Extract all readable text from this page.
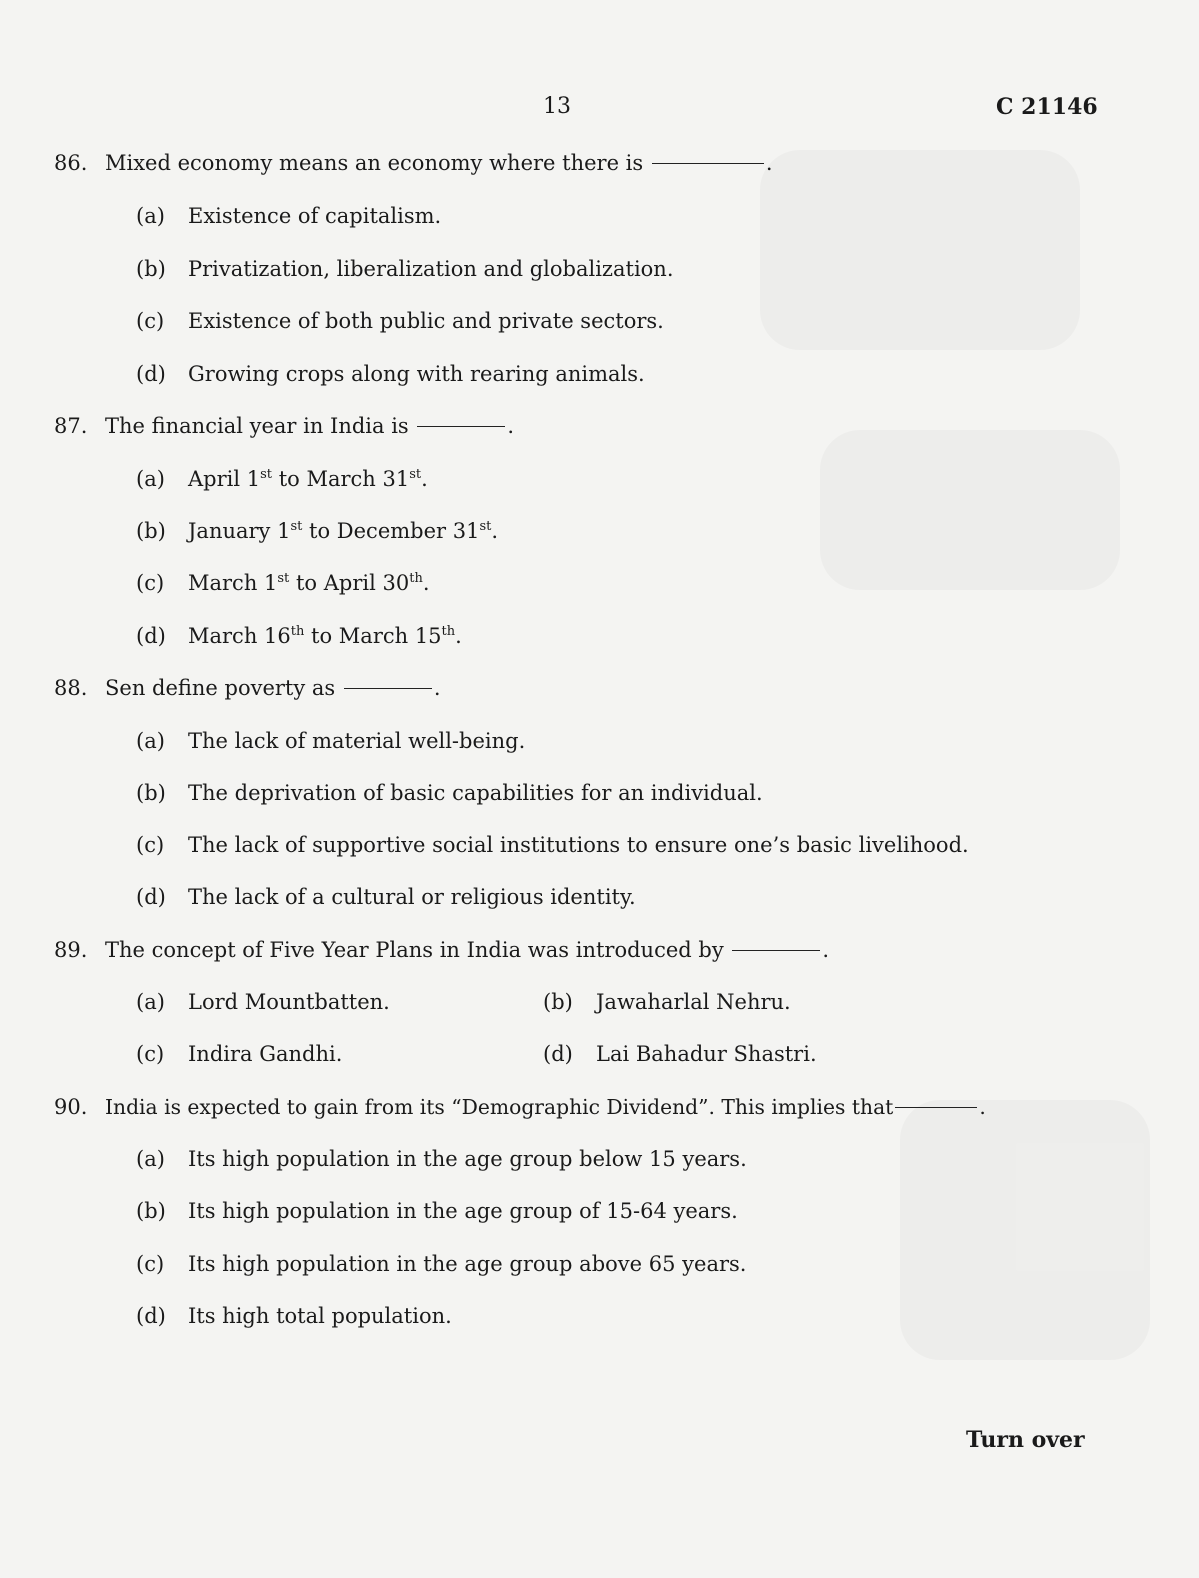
13	C 21146
86. Mixed economy means an economy where there is	.
(a) Existence of capitalism.
(b) Privatization, liberalization and globalization.
(c) Existence of both public and private sectors.
(d) Growing crops along with rearing animals.
87. The financial year in India is	.
(a) April 1st to March 31st.
(b) January 1st to December 31st.
(c) March 1st to April 30th.
(d) March 16th to March 15th.
88. Sen define poverty as	.
(a) The lack of material well-being.
(b) The deprivation of basic capabilities for an individual.
(c) The lack of supportive social institutions to ensure one’s basic livelihood.
(d) The lack of a cultural or religious identity.
89. The concept of Five Year Plans in India was introduced by	.
(a) Lord Mountbatten.	(b) Jawaharlal Nehru.
(c) Indira Gandhi.	(d) Lai Bahadur Shastri.
90. India is expected to gain from its “Demographic Dividend”. This implies that	.
(a) Its high population in the age group below 15 years.
(b) Its high population in the age group of 15-64 years.
(c) Its high population in the age group above 65 years.
(d) Its high total population.
Turn over
